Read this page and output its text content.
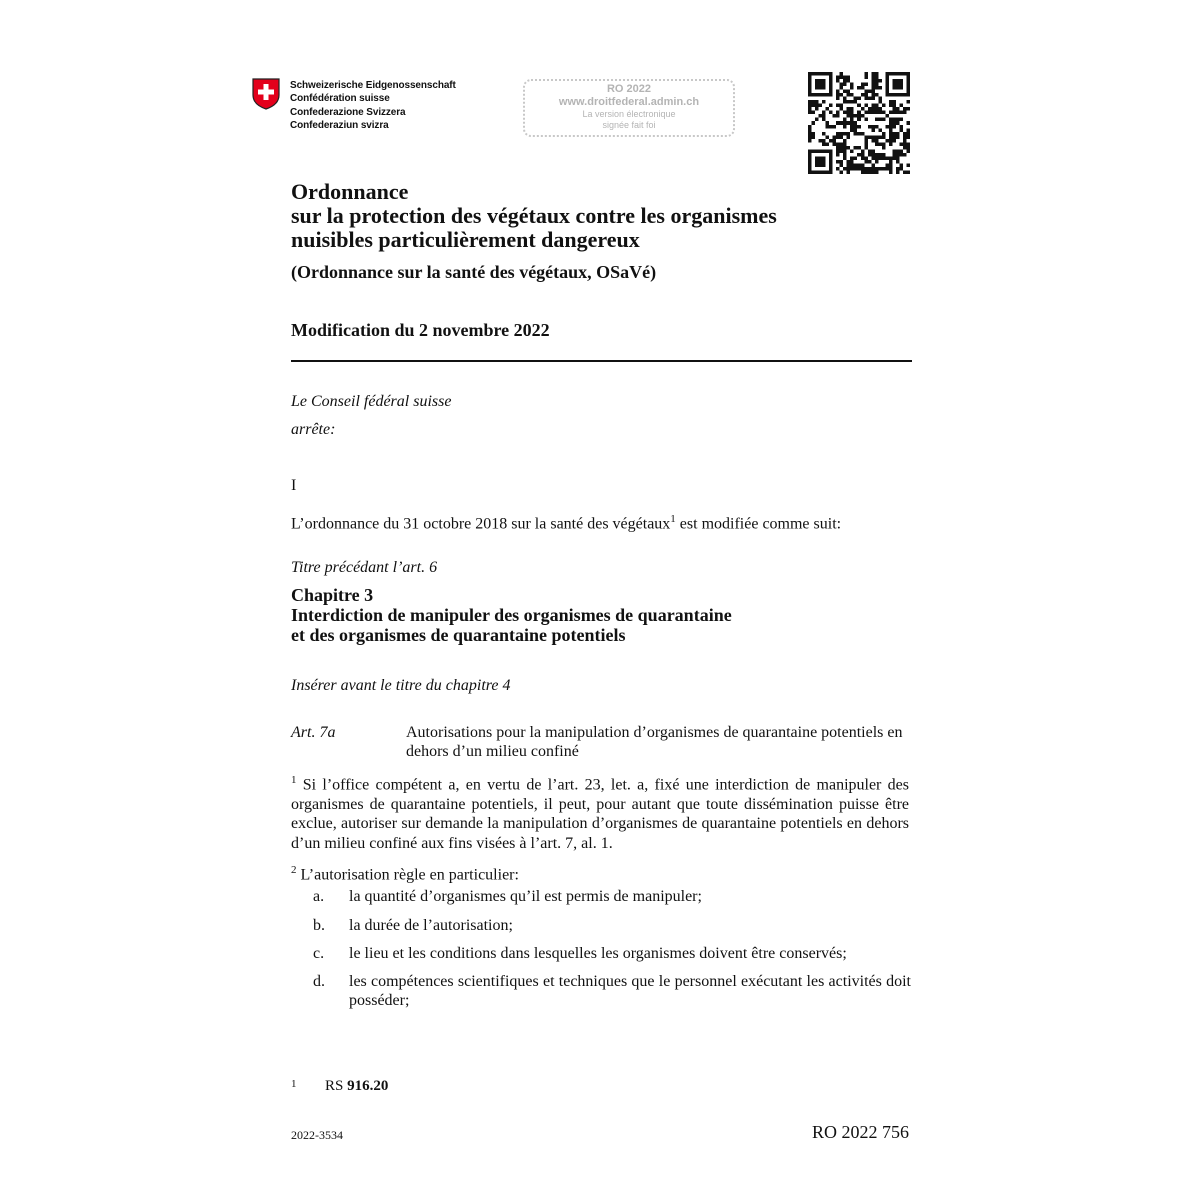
Schweizerische Eidgenossenschaft
Confédération suisse
Confederazione Svizzera
Confederaziun svizra
RO 2022
www.droitfederal.admin.ch
La version électronique
signée fait foi
Ordonnance
sur la protection des végétaux contre les organismes
nuisibles particulièrement dangereux
(Ordonnance sur la santé des végétaux, OSaVé)
Modification du 2 novembre 2022
Le Conseil fédéral suisse
arrête:
I
L’ordonnance du 31 octobre 2018 sur la santé des végétaux$^1$ est modifiée comme suit:
Titre précédant l’art. 6
Chapitre 3
Interdiction de manipuler des organismes de quarantaine
et des organismes de quarantaine potentiels
Insérer avant le titre du chapitre 4
Art. 7a	Autorisations pour la manipulation d’organismes de quarantaine potentiels en dehors d’un milieu confiné
$^1$ Si l’office compétent a, en vertu de l’art. 23, let. a, fixé une interdiction de manipuler des organismes de quarantaine potentiels, il peut, pour autant que toute dissémination puisse être exclue, autoriser sur demande la manipulation d’organismes de quarantaine potentiels en dehors d’un milieu confiné aux fins visées à l’art. 7, al. 1.
$^2$ L’autorisation règle en particulier:
a. la quantité d’organismes qu’il est permis de manipuler;
b. la durée de l’autorisation;
c. le lieu et les conditions dans lesquelles les organismes doivent être conservés;
d. les compétences scientifiques et techniques que le personnel exécutant les activités doit posséder;
1 RS 916.20
2022-3534	RO 2022 756
